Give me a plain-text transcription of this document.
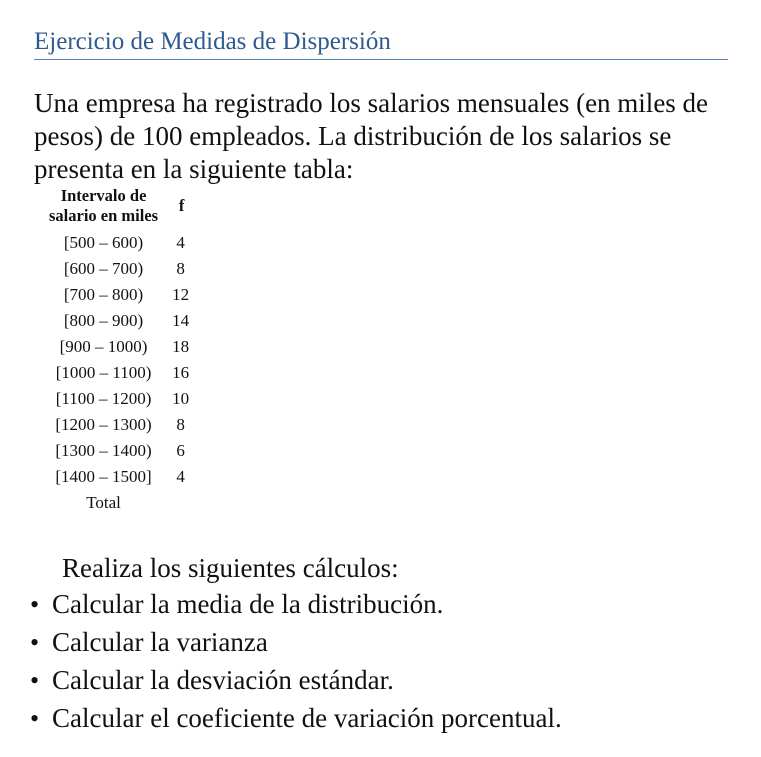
Ejercicio de Medidas de Dispersión

Una empresa ha registrado los salarios mensuales (en miles de pesos) de 100 empleados. La distribución de los salarios se presenta en la siguiente tabla:

Intervalo de
salario en miles	f
[500 – 600)	4
[600 – 700)	8
[700 – 800)	12
[800 – 900)	14
[900 – 1000)	18
[1000 – 1100)	16
[1100 – 1200)	10
[1200 – 1300)	8
[1300 – 1400)	6
[1400 – 1500]	4
Total	
Realiza los siguientes cálculos:
• Calcular la media de la distribución.
• Calcular la varianza
• Calcular la desviación estándar.
• Calcular el coeficiente de variación porcentual.
